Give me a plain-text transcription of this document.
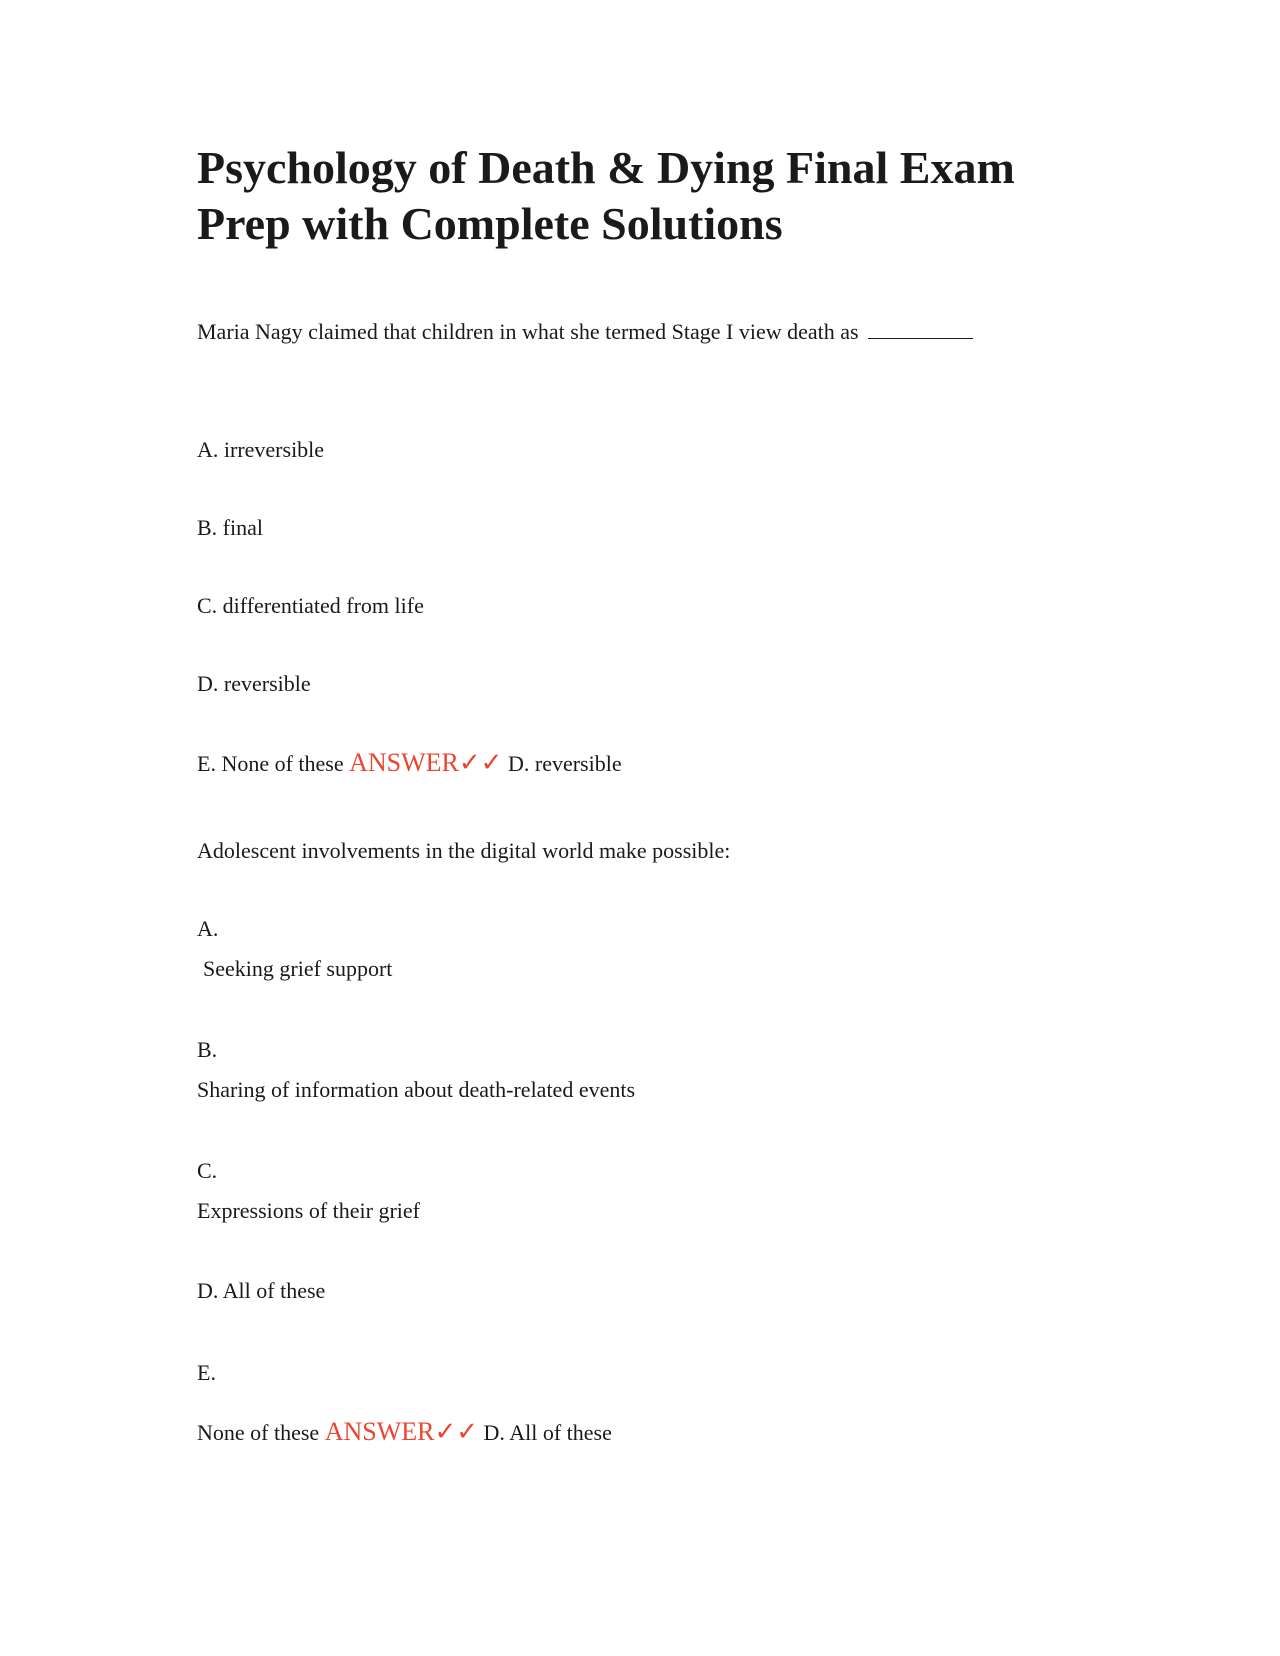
Psychology of Death & Dying Final Exam Prep with Complete Solutions

Maria Nagy claimed that children in what she termed Stage I view death as

A. irreversible

B. final

C. differentiated from life

D. reversible

E. None of these ANSWER✓✓ D. reversible

Adolescent involvements in the digital world make possible:

A.

Seeking grief support

B.

Sharing of information about death-related events

C.

Expressions of their grief

D. All of these

E.

None of these ANSWER✓✓ D. All of these
